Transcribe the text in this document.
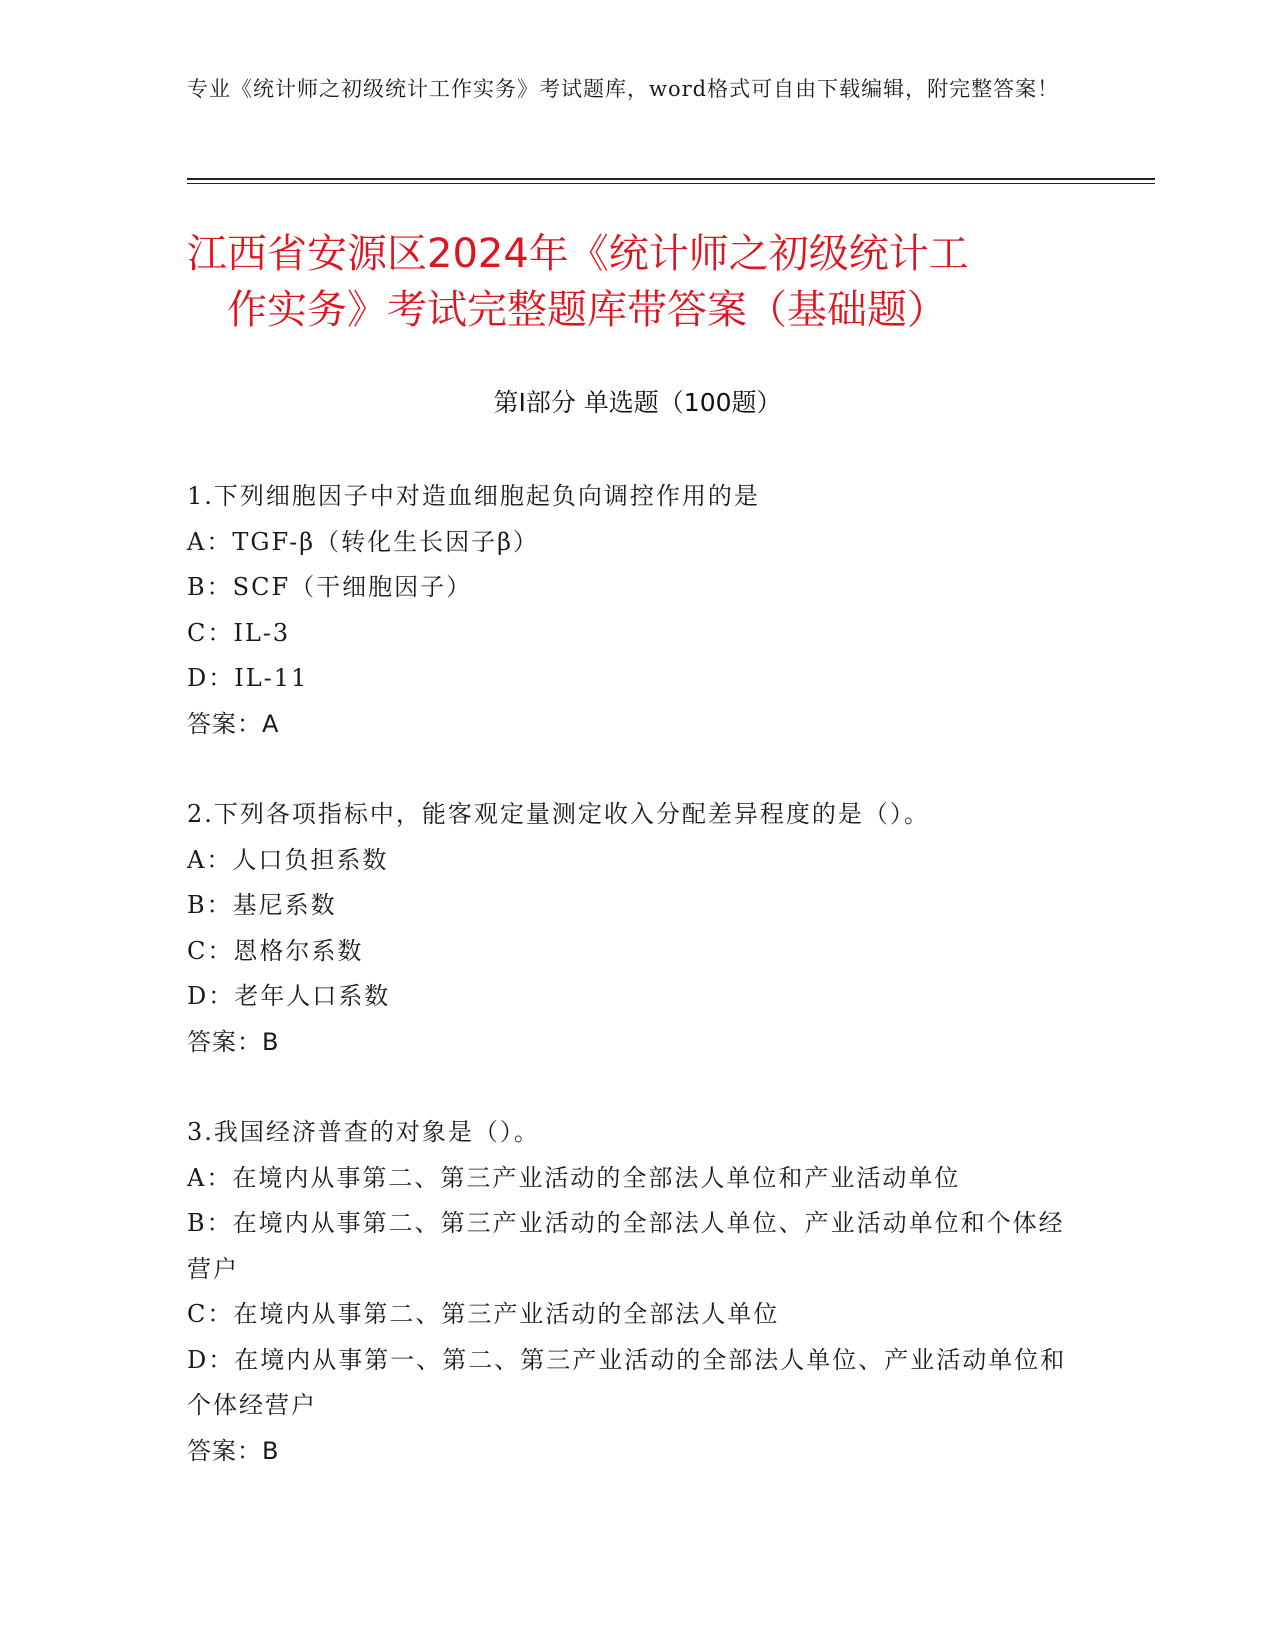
专业《统计师之初级统计工作实务》考试题库，word格式可自由下载编辑，附完整答案！
江西省安源区2024年《统计师之初级统计工
作实务》考试完整题库带答案（基础题）
第Ⅰ部分 单选题（100题）
1.下列细胞因子中对造血细胞起负向调控作用的是
A：TGF-β（转化生长因子β）
B：SCF（干细胞因子）
C：IL-3
D：IL-11
答案：A
2.下列各项指标中，能客观定量测定收入分配差异程度的是（）。
A：人口负担系数
B：基尼系数
C：恩格尔系数
D：老年人口系数
答案：B
3.我国经济普查的对象是（）。
A：在境内从事第二、第三产业活动的全部法人单位和产业活动单位
B：在境内从事第二、第三产业活动的全部法人单位、产业活动单位和个体经营户
C：在境内从事第二、第三产业活动的全部法人单位
D：在境内从事第一、第二、第三产业活动的全部法人单位、产业活动单位和个体经营户
答案：B
